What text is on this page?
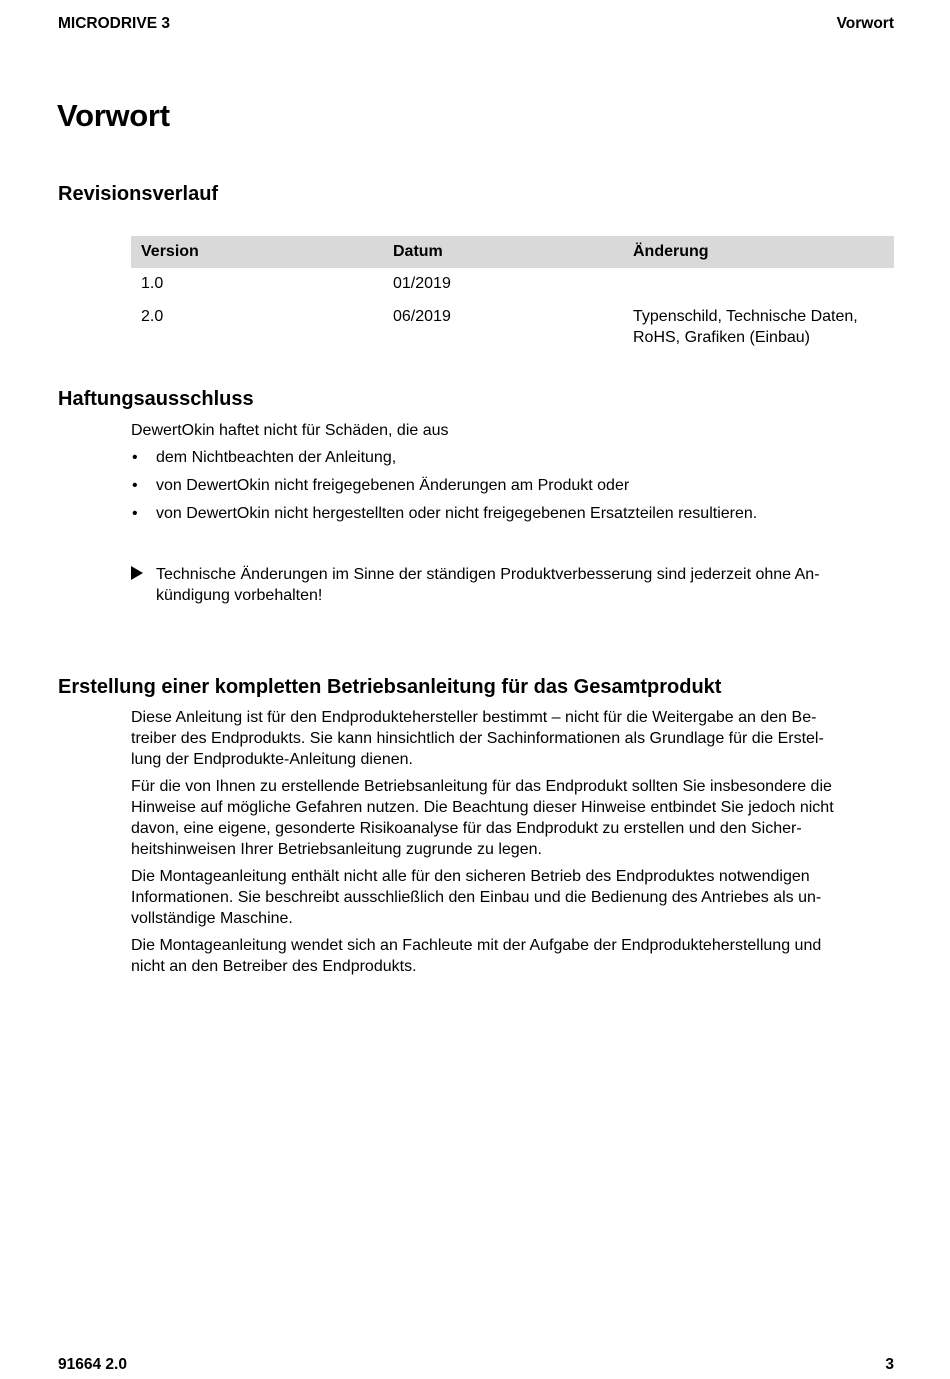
MICRODRIVE 3	Vorwort
Vorwort
Revisionsverlauf
Version	Datum	Änderung
1.0	01/2019	
2.0	06/2019	Typenschild, Technische Daten,
RoHS, Grafiken (Einbau)
Haftungsausschluss
DewertOkin haftet nicht für Schäden, die aus
• dem Nichtbeachten der Anleitung,
• von DewertOkin nicht freigegebenen Änderungen am Produkt oder
• von DewertOkin nicht hergestellten oder nicht freigegebenen Ersatzteilen resultieren.
Technische Änderungen im Sinne der ständigen Produktverbesserung sind jederzeit ohne An-
kündigung vorbehalten!
Erstellung einer kompletten Betriebsanleitung für das Gesamtprodukt

Diese Anleitung ist für den Endprodukteherstelle​r bestimmt – nicht für die Weitergabe an den Be-
treiber des Endprodukts. Sie kann hinsichtlich der Sachinformationen als Grundlage für die Erstel-
lung der Endprodukte-Anleitung dienen.

Für die von Ihnen zu erstellende Betriebsanleitung für das Endprodukt sollten Sie insbesondere die
Hinweise auf mögliche Gefahren nutzen. Die Beachtung dieser Hinweise entbindet Sie jedoch nicht
davon, eine eigene, gesonderte Risikoanalyse für das Endprodukt zu erstellen und den Sicher-
heitshinweisen Ihrer Betriebsanleitung zugrunde zu legen.

Die Montageanleitung enthält nicht alle für den sicheren Betrieb des Endproduktes notwendigen
Informationen. Sie beschreibt ausschließlich den Einbau und die Bedienung des Antriebes als un-
vollständige Maschine.

Die Montageanleitung wendet sich an Fachleute mit der Aufgabe der Endprodukteherstellung und
nicht an den Betreiber des Endprodukts.

91664 2.0	3
